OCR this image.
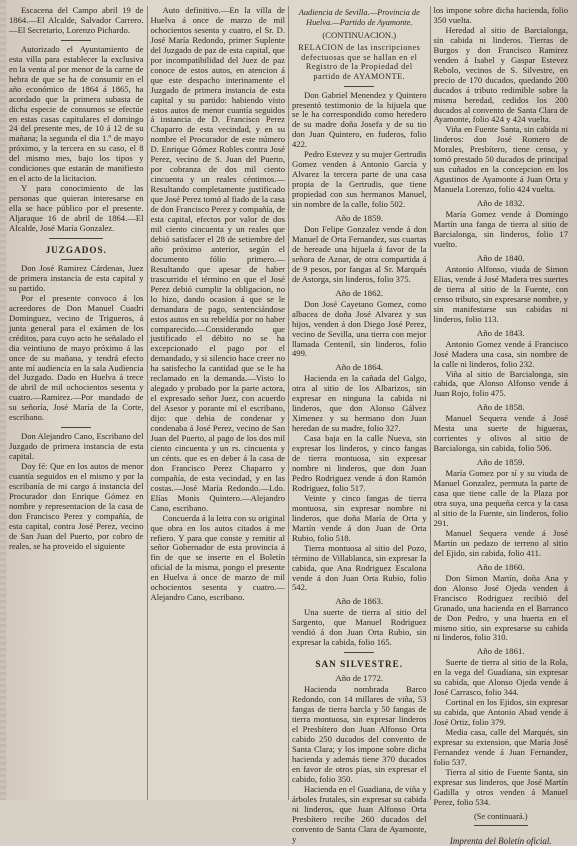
Escacena del Campo abril 19 de 1864.—El Alcalde, Salvador Carrero.—El Secretario, Lorenzo Pichardo.

Autorizado el Ayuntamiento de esta villa para establecer la exclusiva en la venta al por menor de la carne de hebra de que se ha de consumir en el año económico de 1864 á 1865, ha acordado que la primera subasta de dicha especie de consumos se efectúe en estas casas capitulares el domingo 24 del presente mes, de 10 á 12 de su mañana; la segunda el dia 1.º de mayo próximo, y la tercera en su caso, el 8 del mismo mes, bajo los tipos y condiciones que estarán de manifiesto en el acto de la licitacion.

Y para conocimiento de las personas que quieran interesarse en ella se hace público por el presente. Aljaraque 16 de abril de 1864.—El Alcalde, José María Gonzalez.

JUZGADOS.

Don José Ramirez Cárdenas, Juez de primera instancia de esta capital y su partido.

Por el presente convoco á los acreedores de Don Manuel Cuadri Dominguez, vecino de Trigueros, á junta general para el exámen de los créditos, para cuyo acto he señalado el dia veintiuno de mayo próximo á las once de su mañana, y tendrá efecto ante mí audiencia en la sala Audiencia del Juzgado. Dado en Huelva á trece de abril de mil ochocientos sesenta y cuatro.—Ramirez.—Por mandado de su señoría, José María de la Corte, escribano.

Don Alejandro Cano, Escribano del Juzgado de primera instancia de esta capital.

Doy fé: Que en los autos de menor cuantía seguidos en el mismo y por la escribanía de mi cargo á instancia del Procurador don Enrique Gómez en nombre y representacion de la casa de don Francisco Perez y compañía, de esta capital, contra José Perez, vecino de San Juan del Puerto, por cobro de reales, se ha proveido el siguiente

Auto definitivo.—En la villa de Huelva á once de marzo de mil ochocientos sesenta y cuatro, el Sr. D. José María Redondo, primer Suplente del Juzgado de paz de esta capital, que por incompatibilidad del Juez de paz conoce de estos autos, en atencion á que este despacho interinamente el Juzgado de primera instancia de esta capital y su partido: habiendo visto estos autos de menor cuantía seguidos á instancia de D. Francisco Perez Chaparro de esta vecindad, y en su nombre el Procurador de este número D. Enrique Gómez Robles contra José Perez, vecino de S. Juan del Puerto, por cobranza de dos mil ciento cincuenta y un reales céntimos.—Resultando completamente justificado que José Perez tomó al fiado de la casa de don Francisco Perez y compañía, de esta capital, efectos por valor de dos mil ciento cincuenta y un reales que debió satisfacer el 28 de setiembre del año próximo anterior, según el documento fólio primero.—Resultando que apesar de haber trascurrido el término en que el José Perez debió cumplir la obligacion, no lo hizo, dando ocasion á que se le demandara de pago, sentenciándose estos autos en su rebeldía por no haber comparecido.—Considerando que justificado el débito no se ha excepcionado el pago por el demandado, y si silencio hace creer no ha satisfecho la cantidad que se le ha reclamado en la demanda.—Visto lo alegado y probado por la parte actora, el expresado señor Juez, con acuerdo del Asesor y porante mí el escribano, dijo: que debia de condenar y condenaba á José Perez, vecino de San Juan del Puerto, al pago de los dos mil ciento cincuenta y un rs. cincuenta y un cénts. que es en deber á la casa de don Francisco Perez Chaparro y compañía, de esta vecindad, y en las costas.—José María Redondo.—Ldo. Elías Monis Quintero.—Alejandro Cano, escribano.

Concuerda á la letra con su original que obra en los autos citados á me refiero. Y para que conste y remitir al señor Gobernador de esta provincia á fin de que se inserte en el Boletín oficial de la misma, pongo el presente en Huelva á once de marzo de mil ochocientos sesenta y cuatro.—Alejandro Cano, escribano.

Audiencia de Sevilla.—Provincia de Huelva.—Partido de Ayamonte.
(CONTINUACION.)
RELACION de las inscripciones defectuosas que se hallan en el Registro de la Propiedad del partido de AYAMONTE.

Don Gabriel Menendez y Quintero presentó testimonio de la hijuela que se le ha correspondido como heredero de su madre doña Josefa y de su tio don Juan Quintero, en fuderos, folio 422.

Pedro Estevez y su mujer Gertrudis Gomez venden á Antonio García y Alvarez la tercera parte de una casa propia de la Gertrudis, que tiene propiedad con sus hermanos Manuel, sin nombre de la calle, folio 502.

Año de 1859.

Don Felipe Gonzalez vende á don Manuel de Orta Fernandez, sus cuartas de hereade una hijuela á favor de la señora de Aznar, de otra compartida á de 9 pesos, por fangas al Sr. Marqués de Astorga, sin linderos, folio 375.

Año de 1862.

Don José Cayetano Gomez, como albacea de doña José Alvarez y sus hijos, venden á don Diego José Perez, vecino de Sevilla, una tierra con mejor llamada Centenil, sin linderos, folio 499.

Año de 1864.

Hacienda en la cañada del Galgo, otra al sitio de los Albarizos, sin expresar en ninguna la cabida ni linderos, que don Alonso Gálvez Ximenez y su hermano don Juan heredan de su madre, folio 327.

Casa baja en la calle Nueva, sin expresar los linderos, y cinco fangas de tierra montuosa, sin expresar nombre ni linderos, que don Juan Pedro Rodriguez vende á don Ramón Rodriguez, folio 517.

Veinte y cinco fangas de tierra montuosa, sin expresar nombre ni linderos, que doña María de Orta y Martín vende á don Juan de Orta Rubio, folio 518.

Tierra montuosa al sitio del Pozo, término de Villablanca, sin expresar la cabida, que Ana Rodriguez Escalona vende á don Juan Orta Rubio, folio 542.

Año de 1863.

Una suerte de tierra al sitio del Sargento, que Manuel Rodriguez vendió á don Juan Orta Rubio, sin expresar la cabida, folio 165.

SAN SILVESTRE.
Año de 1772.

Hacienda nombrada Barco Redondo, con 14 millares de viña, 53 fangas de tierra barcla y 50 fangas de tierra montuosa, sin expresar linderos el Presbítero don Juan Alfonso Orta cabido 250 ducados del convento de Santa Clara; y los impone sobre dicha hacienda y además tiene 370 ducados en favor de otros pías, sin expresar el cabido, folio 350.

Hacienda en el Guadiana, de viña y árboles frutales, sin expresar su cabida ni linderos, que Juan Alfonso Orta Presbítero recibe 260 ducados del convento de Santa Clara de Ayamonte, y

los impone sobre dicha hacienda, folio 350 vuelta.

Heredad al sitio de Barcialonga, sin cabida ni linderos. Tierras de Burgos y don Francisco Ramirez venden á Isabel y Gaspar Estevez Rebolo, vecinos de S. Silvestre, en precio de 170 ducados, quedando 200 ducados á tributo redimible sobre la misma heredad, cedidos los 200 ducados al convento de Santa Clara de Ayamonte, folio 424 y 424 vuelta.

Viña en Fuente Santa, sin cabida ni linderos: don José Romero de Morales, Presbítero, tiene censo, y tomó prestado 50 ducados de principal sus cuñados en la concepcion en los Agustinos de Ayamonte á Juan Orta y Manuela Lorenzo, folio 424 vuelta.

Año de 1832.

María Gomez vende á Domingo Martín una fanga de tierra al sitio de Barcialonga, sin linderos, folio 17 vuelto.

Año de 1840.

Antonio Alfonso, viuda de Simon Elias, vende á José Madera tres suertes de tierra al sitio de la Fuente, con censo tributo, sin expresarse nombre, y sin manifestarse sus cabidas ni linderos, folio 113.

Año de 1843.

Antonio Gomez vende á Francisco José Madera una casa, sin nombre de la calle ni linderos, folio 232.

Viña al sitio de Barcialonga, sin cabida, que Alonso Alfonso vende á Juan Rojo, folio 475.

Año de 1858.

Manuel Sequera vende á José Mesta una suerte de higueras, corrientes y olivos al sitio de Barcialonga, sin cabida, folio 506.

Año de 1859.

María Gomez por sí y su viuda de Manuel Gonzalez, permuta la parte de casa que tiene calle de la Plaza por otra suya, una pequeña cerca y la casa al sitio de la Fuente, sin linderos, folio 291.

Manuel Sequera vende á José Martín un pedazo de terreno al sitio del Ejido, sin cabida, folio 411.

Año de 1860.

Don Simon Martín, doña Ana y don Alonso José Ojeda venden á Francisco Rodriguez recibió del Granado, una hacienda en el Barranco de Don Pedro, y una huerta en el mismo sitio, sin expresarse su cabida ni linderos, folio 310.

Año de 1861.

Suerte de tierra al sitio de la Rola, en la vega del Guadiana, sin expresar su cabida, que Alonso Ojeda vende á José Carrasco, folio 344.

Cortinal en los Ejidos, sin expresar su cabida, que Antonio Abad vende á José Ortiz, folio 379.

Media casa, calle del Marqués, sin expresar su extension, que María José Fernandez vende á Juan Fernandez, folio 537.

Tierra al sitio de Fuente Santa, sin expresar sus linderos, que José Martín Gadilla y otros venden á Manuel Perez, folio 534.

(Se continuará.)
Imprenta del Boletín oficial.
